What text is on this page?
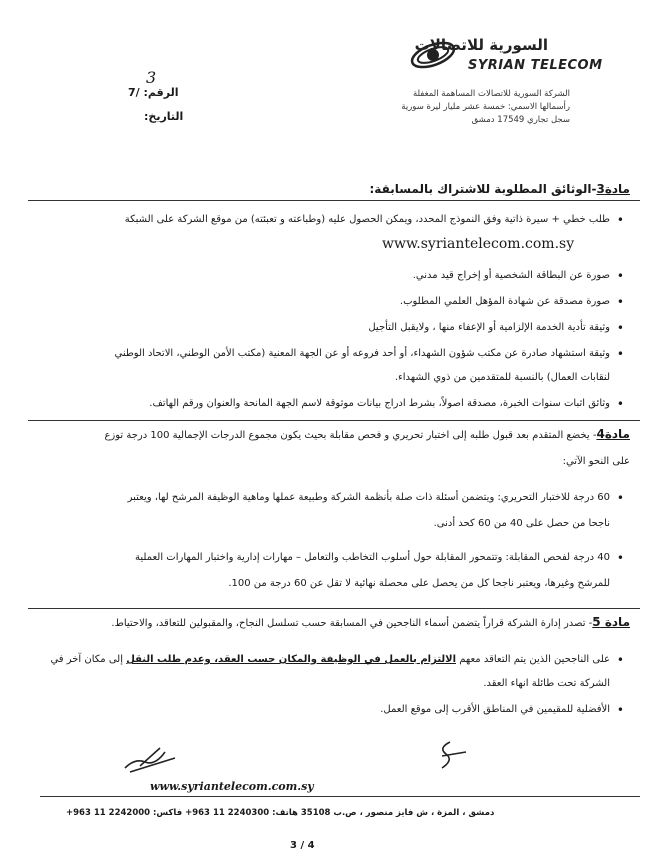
السورية للاتصالات
SYRIAN TELECOM
الشركة السورية للاتصالات المساهمة المغفلة
رأسمالها الاسمي: خمسة عشر مليار ليرة سورية
سجل تجاري 17549 دمشق
3
الرقم: /7
التاريخ:
مادة3-الوثائق المطلوبة للاشتراك بالمسابقة:
طلب خطي + سيرة ذاتية وفق النموذج المحدد، ويمكن الحصول عليه (وطباعته و تعبئته) من موقع الشركة على الشبكة •
www.syriantelecom.com.sy
صورة عن البطاقة الشخصية أو إخراج قيد مدني. •
صورة مصدقة عن شهادة المؤهل العلمي المطلوب. •
وثيقة تأدية الخدمة الإلزامية أو الإعفاء منها ، ولايقبل التأجيل •
وثيقة استشهاد صادرة عن مكتب شؤون الشهداء، أو أحد فروعه أو عن الجهة المعنية (مكتب الأمن الوطني، الاتحاد الوطني •
لنقابات العمال) بالنسبة للمتقدمين من ذوي الشهداء.
وثائق اثبات سنوات الخبرة، مصدقة اصولاً، بشرط ادراج بيانات موثوقة لاسم الجهة المانحة والعنوان ورقم الهاتف. •
مادة4- يخضع المتقدم بعد قبول طلبه إلى اختبار تحريري و فحص مقابلة بحيث يكون مجموع الدرجات الإجمالية 100 درجة توزع
على النحو الآتي:
60 درجة للاختبار التحريري: ويتضمن أسئلة ذات صلة بأنظمة الشركة وطبيعة عملها وماهية الوظيفة المرشح لها، ويعتبر •
ناجحا من حصل على 40 من 60 كحد أدنى.
40 درجة لفحص المقابلة: وتتمحور المقابلة حول أسلوب التخاطب والتعامل – مهارات إدارية واختبار المهارات العملية •
للمرشح وغيرها، ويعتبر ناجحا كل من يحصل على محصلة نهائية لا تقل عن 60 درجة من 100.
مادة 5- تصدر إدارة الشركة قراراً يتضمن أسماء الناجحين في المسابقة حسب تسلسل النجاح، والمقبولين للتعاقد، والاحتياط.
على الناجحين الذين يتم التعاقد معهم الالتزام بالعمل في الوظيفة والمكان حسب العقد، وعدم طلب النقل إلى مكان آخر في •
الشركة تحت طائلة انهاء العقد.
الأفضلية للمقيمين في المناطق الأقرب إلى موقع العمل. •
www.syriantelecom.com.sy
دمشق ، المزة ، ش فايز منصور ، ص.ب 35108 هاتف: 2240300 11 963+ فاكس: 2242000 11 963+
3 / 4
